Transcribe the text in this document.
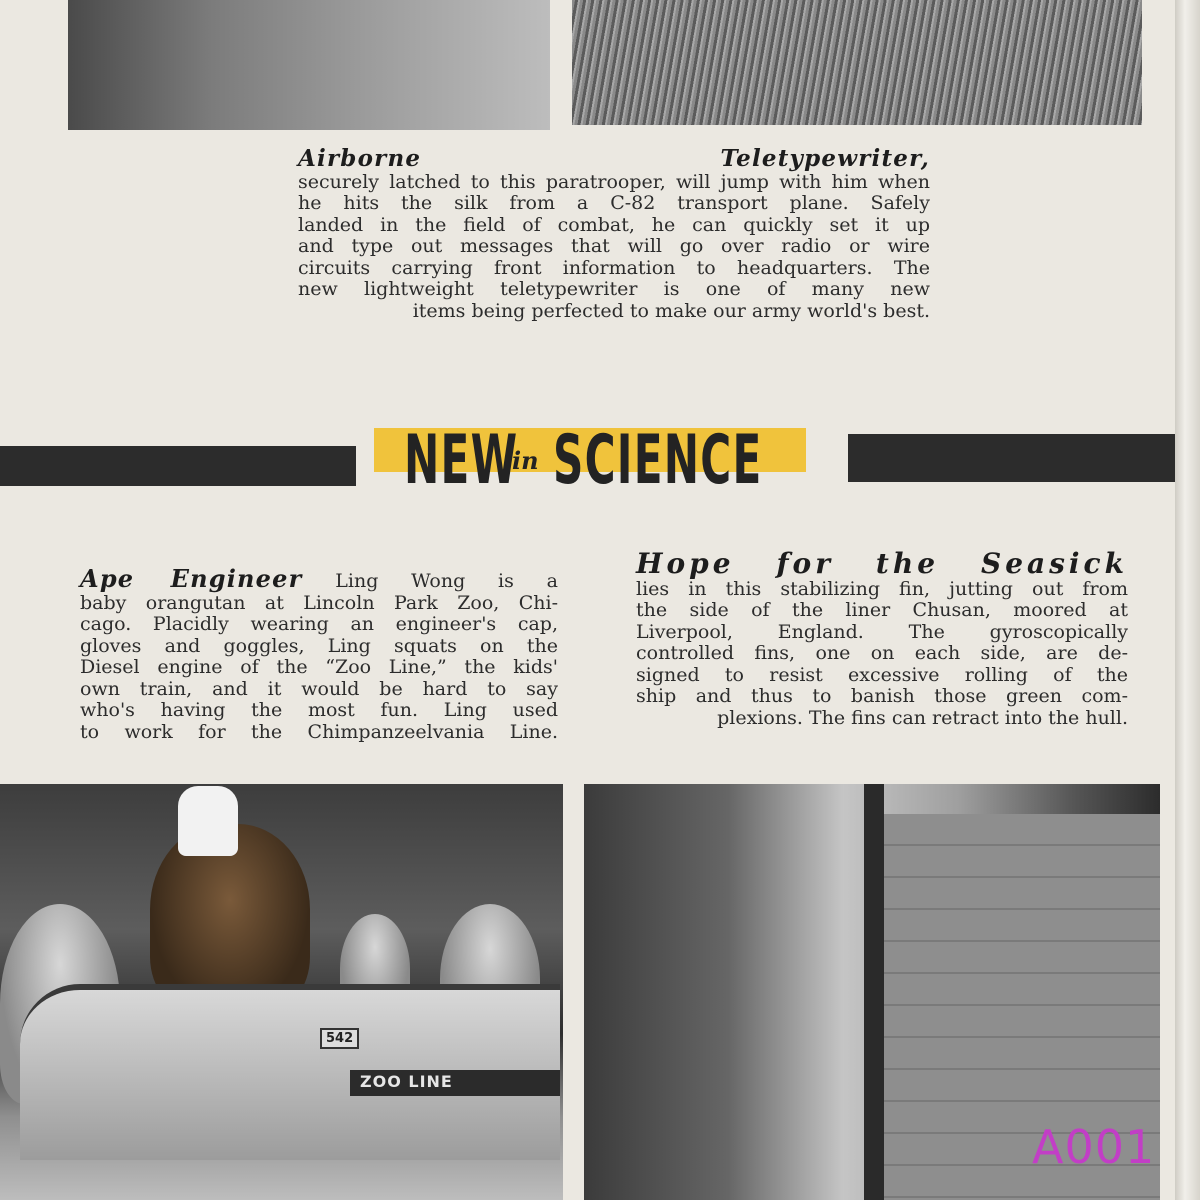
Airborne Teletypewriter,
securely latched to this paratrooper, will jump with him when
he hits the silk from a C-82 transport plane. Safely
landed in the field of combat, he can quickly set it up
and type out messages that will go over radio or wire
circuits carrying front information to headquarters. The
new lightweight teletypewriter is one of many new
items being perfected to make our army world's best.
NEW
in SCIENCE
Ape Engineer Ling Wong is a
baby orangutan at Lincoln Park Zoo, Chi-
cago. Placidly wearing an engineer's cap,
gloves and goggles, Ling squats on the
Diesel engine of the “Zoo Line,” the kids'
own train, and it would be hard to say
who's having the most fun. Ling used
to work for the Chimpanzeelvania Line.
Hope for the Seasick
lies in this stabilizing fin, jutting out from
the side of the liner Chusan, moored at
Liverpool, England. The gyroscopically
controlled fins, one on each side, are de-
signed to resist excessive rolling of the
ship and thus to banish those green com-
plexions. The fins can retract into the hull.
542
ZOO LINE
A001
